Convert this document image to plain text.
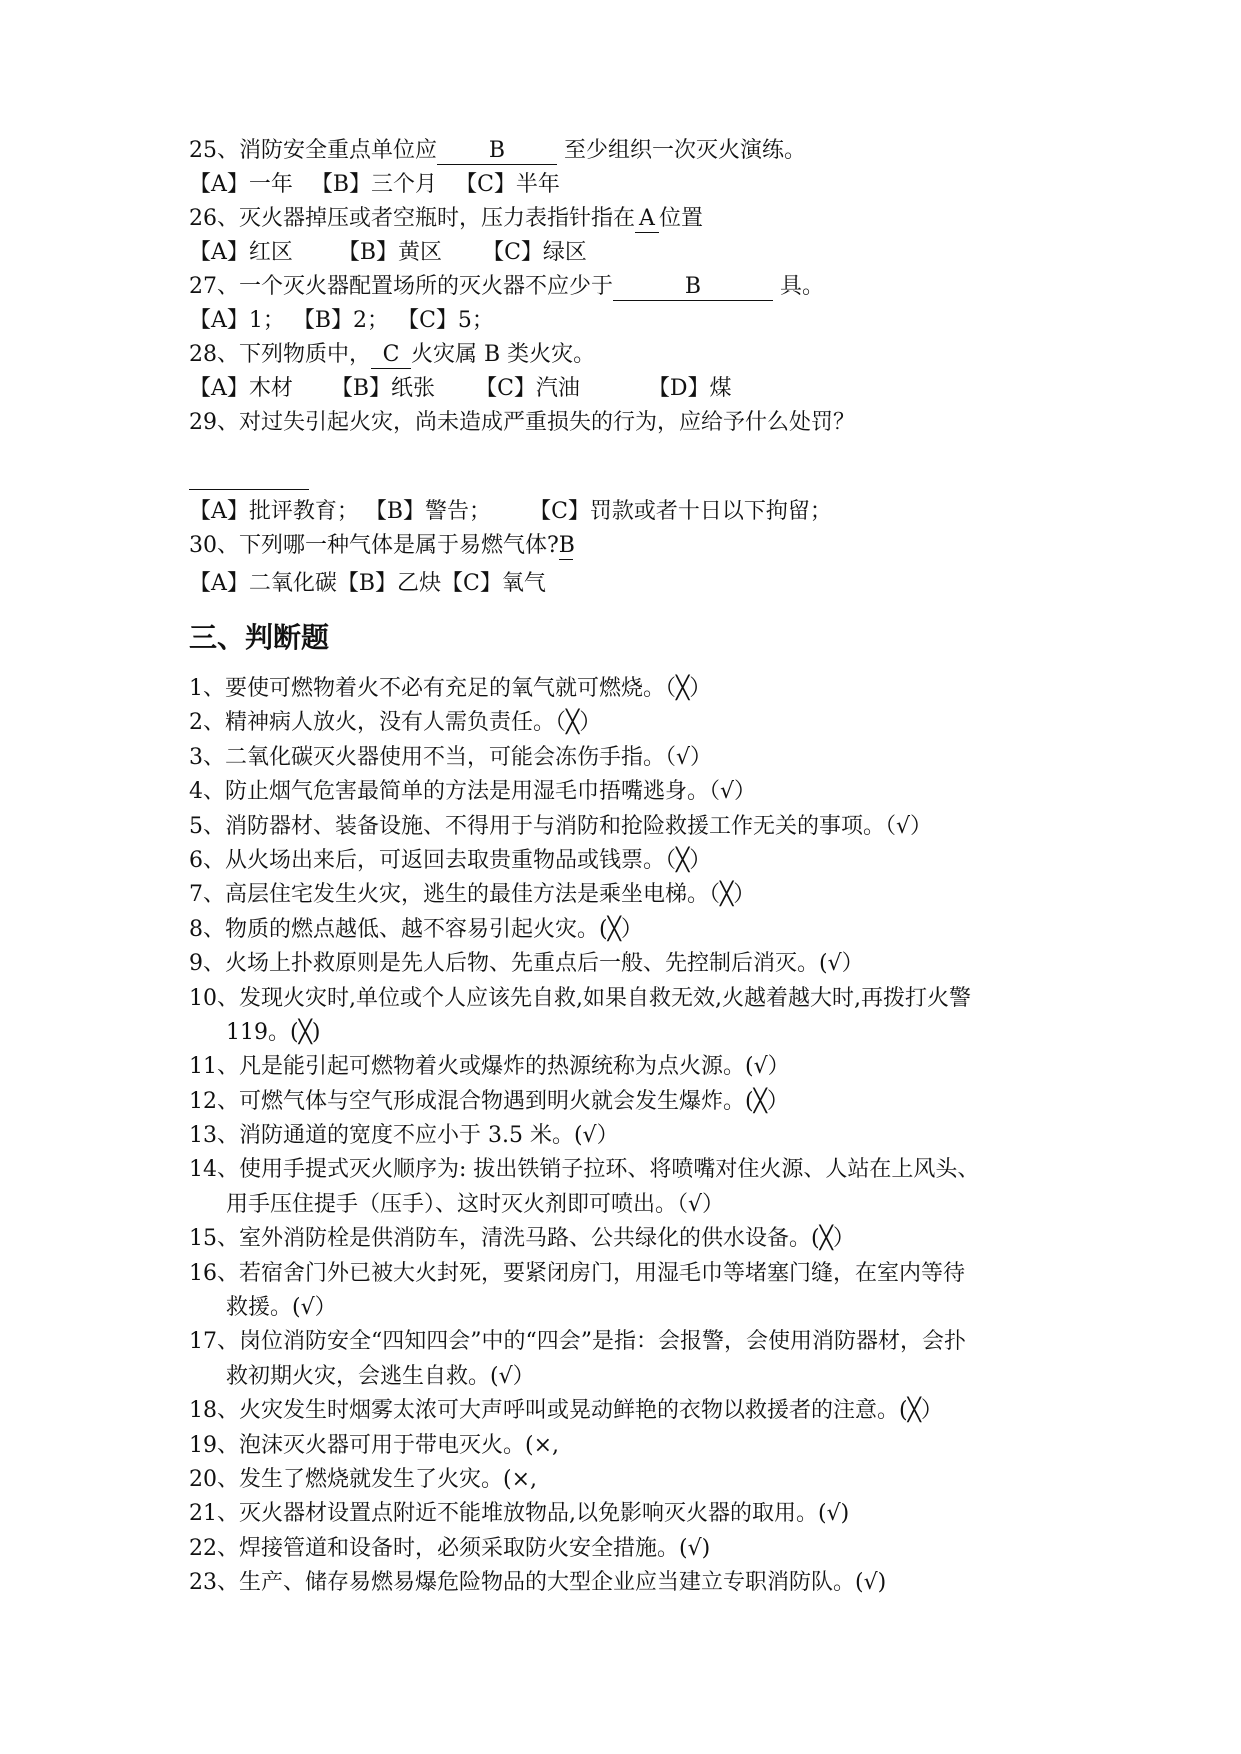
25、消防安全重点单位应 B 至少组织一次灭火演练。
【A】一年 【B】三个月 【C】半年
26、灭火器掉压或者空瓶时，压力表指针指在 A 位置
【A】红区 【B】黄区 【C】绿区
27、一个灭火器配置场所的灭火器不应少于	B	具。
【A】1； 【B】2； 【C】5；
28、下列物质中， C 火灾属 B 类火灾。
【A】木材 【B】纸张 【C】汽油	【D】煤
29、对过失引起火灾，尚未造成严重损失的行为，应给予什么处罚？
【A】批评教育； 【B】警告； 【C】罚款或者十日以下拘留；
30、下列哪一种气体是属于易燃气体?B
【A】二氧化碳【B】乙炔【C】氧气
三、判断题
1、要使可燃物着火不必有充足的氧气就可燃烧。（╳）
2、精神病人放火，没有人需负责任。（╳）
3、二氧化碳灭火器使用不当，可能会冻伤手指。（√）
4、防止烟气危害最简单的方法是用湿毛巾捂嘴逃身。（√）
5、消防器材、装备设施、不得用于与消防和抢险救援工作无关的事项。（√）
6、从火场出来后，可返回去取贵重物品或钱票。（╳）
7、高层住宅发生火灾，逃生的最佳方法是乘坐电梯。（╳）
8、物质的燃点越低、越不容易引起火灾。(╳）
9、火场上扑救原则是先人后物、先重点后一般、先控制后消灭。(√）
10、发现火灾时,单位或个人应该先自救,如果自救无效,火越着越大时,再拨打火警
119。(╳)
11、凡是能引起可燃物着火或爆炸的热源统称为点火源。(√）
12、可燃气体与空气形成混合物遇到明火就会发生爆炸。(╳）
13、消防通道的宽度不应小于 3.5 米。(√）
14、使用手提式灭火顺序为: 拔出铁销子拉环、将喷嘴对住火源、人站在上风头、
用手压住提手（压手）、这时灭火剂即可喷出。（√）
15、室外消防栓是供消防车，清洗马路、公共绿化的供水设备。(╳）
16、若宿舍门外已被大火封死，要紧闭房门，用湿毛巾等堵塞门缝，在室内等待
救援。(√）
17、岗位消防安全“四知四会”中的“四会”是指：会报警，会使用消防器材，会扑
救初期火灾，会逃生自救。(√）
18、火灾发生时烟雾太浓可大声呼叫或晃动鲜艳的衣物以救援者的注意。(╳）
19、泡沫灭火器可用于带电灭火。(×,
20、发生了燃烧就发生了火灾。(×,
21、灭火器材设置点附近不能堆放物品,以免影响灭火器的取用。(√)
22、焊接管道和设备时，必须采取防火安全措施。(√)
23、生产、储存易燃易爆危险物品的大型企业应当建立专职消防队。(√)
